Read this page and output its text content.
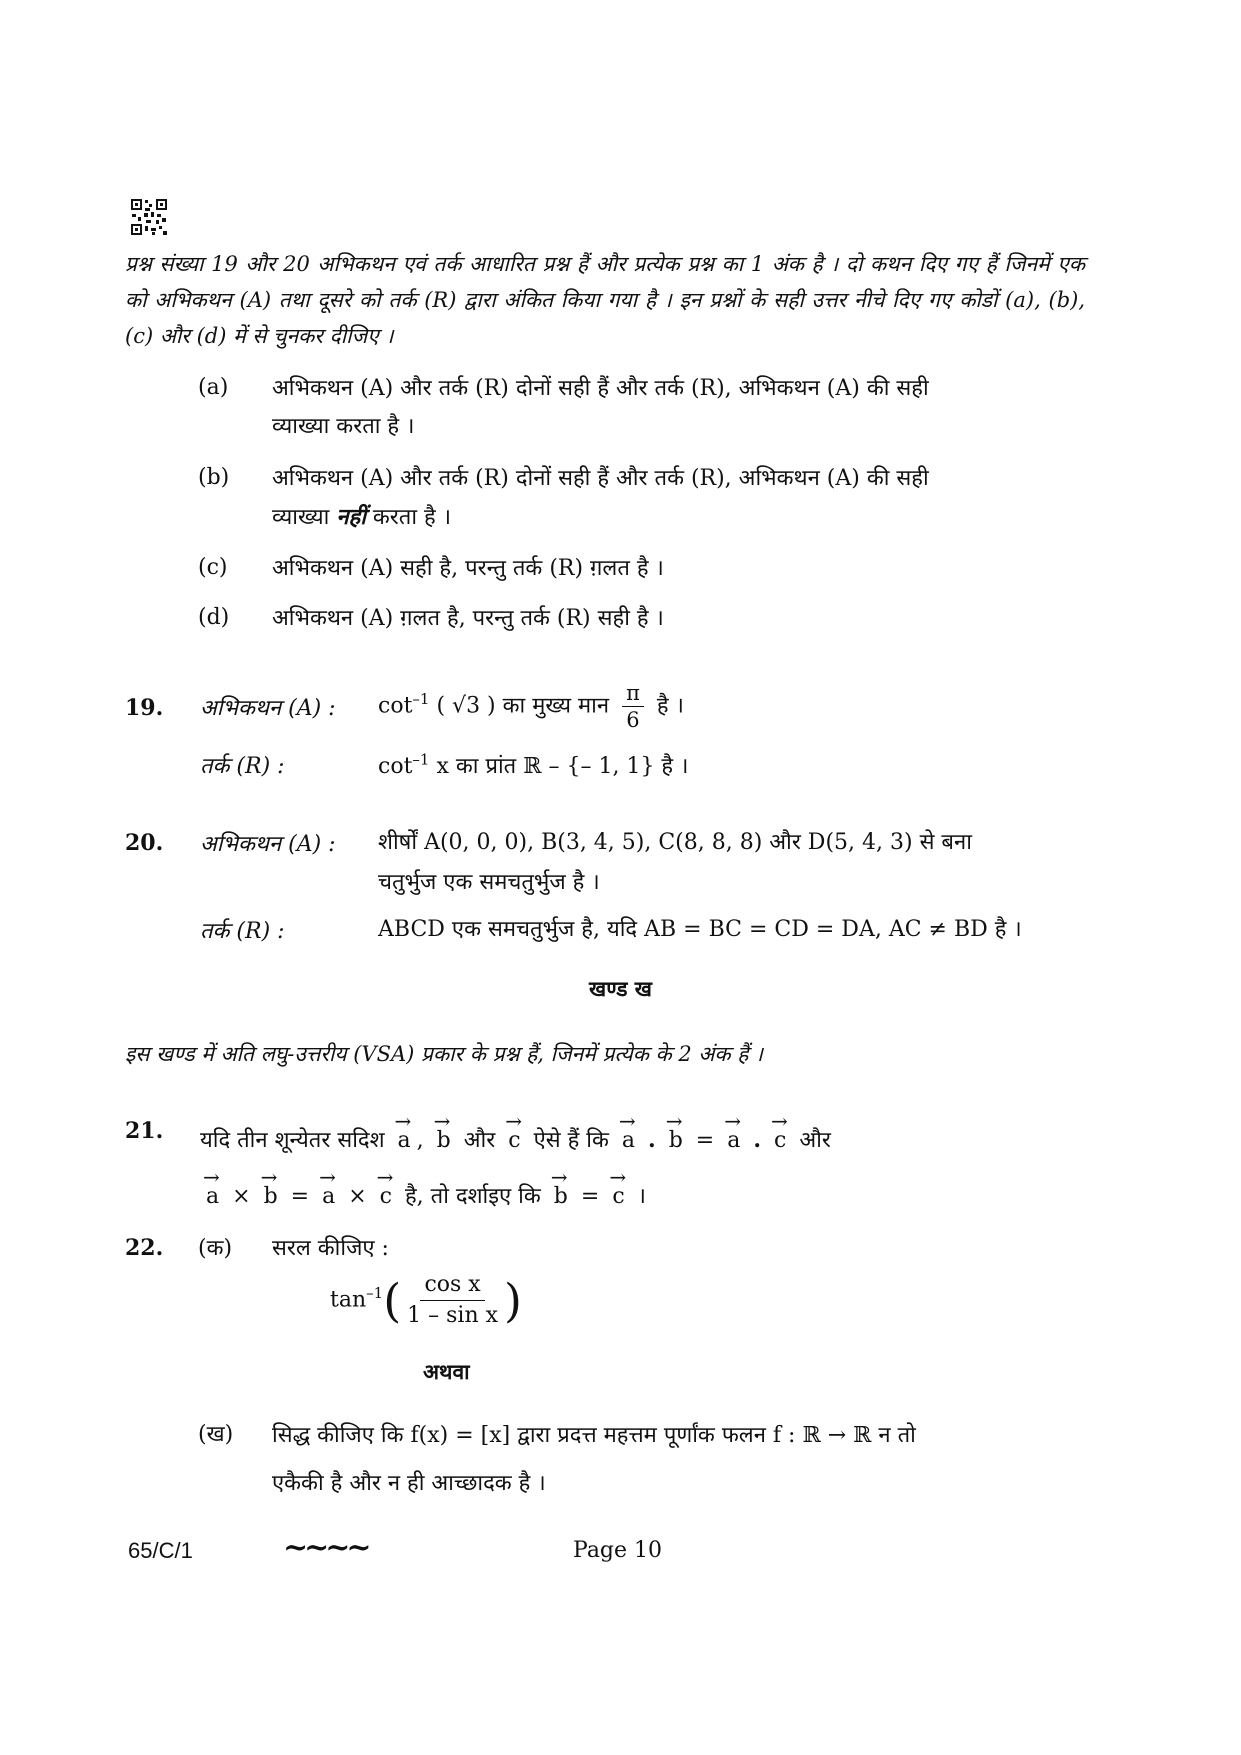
प्रश्न संख्या 19 और 20 अभिकथन एवं तर्क आधारित प्रश्न हैं और प्रत्येक प्रश्न का 1 अंक है । दो कथन दिए गए हैं जिनमें एक को अभिकथन (A) तथा दूसरे को तर्क (R) द्वारा अंकित किया गया है । इन प्रश्नों के सही उत्तर नीचे दिए गए कोडों (a), (b), (c) और (d) में से चुनकर दीजिए ।
(a)	अभिकथन (A) और तर्क (R) दोनों सही हैं और तर्क (R), अभिकथन (A) की सही
व्याख्या करता है ।
(b)	अभिकथन (A) और तर्क (R) दोनों सही हैं और तर्क (R), अभिकथन (A) की सही
व्याख्या नहीं करता है ।
(c)	अभिकथन (A) सही है, परन्तु तर्क (R) ग़लत है ।
(d)	अभिकथन (A) ग़लत है, परन्तु तर्क (R) सही है ।
19. अभिकथन (A) : $\cot^{-1}$ ( √3 ) का मुख्य मान $\frac{\pi}{6}$ है ।
तर्क (R) :	$\cot^{-1} x$ का प्रांत ℝ – {– 1, 1} है ।
20. अभिकथन (A) : शीर्षों A(0, 0, 0), B(3, 4, 5), C(8, 8, 8) और D(5, 4, 3) से बना
चतुर्भुज एक समचतुर्भुज है ।
तर्क (R) :	ABCD एक समचतुर्भुज है, यदि AB = BC = CD = DA, AC ≠ BD है ।
खण्ड ख
इस खण्ड में अति लघु-उत्तरीय (VSA) प्रकार के प्रश्न हैं, जिनमें प्रत्येक के 2 अंक हैं ।
21. यदि तीन शून्येतर सदिश → a , → b और → c ऐसे हैं कि → a . → b = → a . → c और
→ a × → b = → a × → c है, तो दर्शाइए कि → b = → c ।
22. (क) सरल कीजिए :
$\tan^{-1}( \frac{\text{cos x}}{\text{1 – sin x}}$ )
अथवा
(ख) सिद्ध कीजिए कि f(x) = [x] द्वारा प्रदत्त महत्तम पूर्णांक फलन f : ℝ → ℝ न तो
एकैकी है और न ही आच्छादक है ।
65/C/1	~~~~	Page 10
